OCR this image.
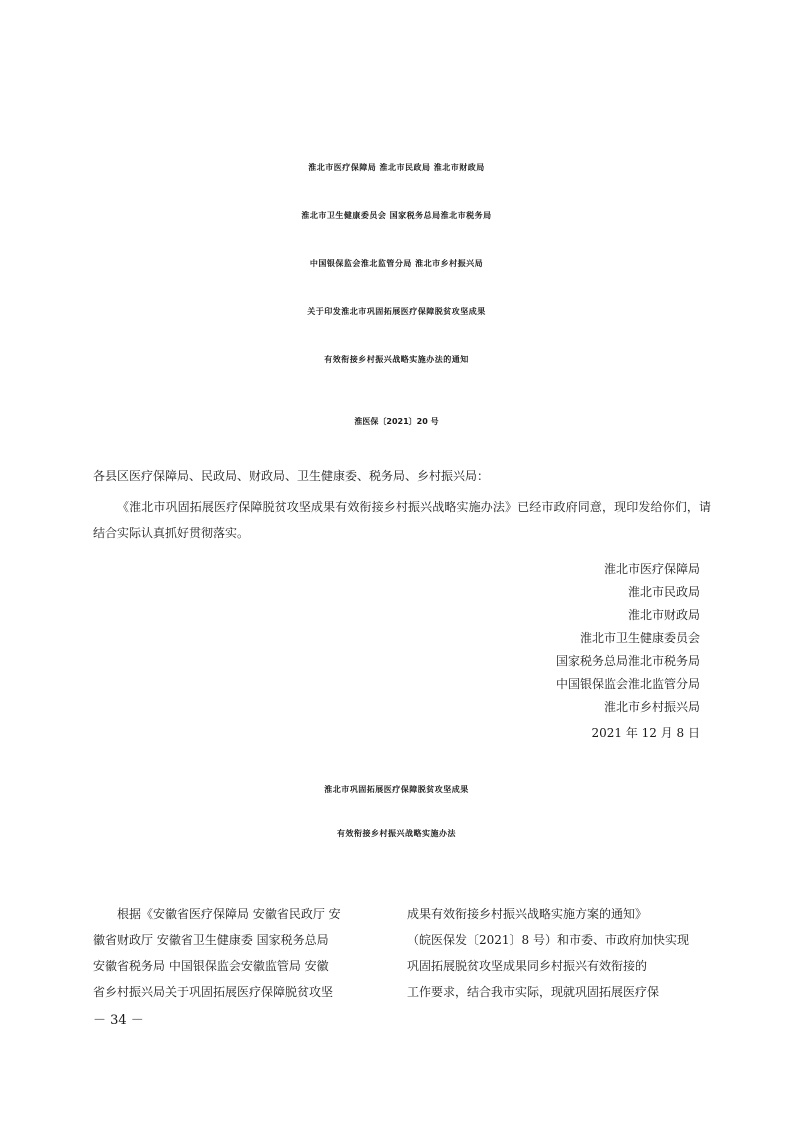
淮北市医疗保障局 淮北市民政局 淮北市财政局
淮北市卫生健康委员会 国家税务总局淮北市税务局
中国银保监会淮北监管分局 淮北市乡村振兴局
关于印发淮北市巩固拓展医疗保障脱贫攻坚成果
有效衔接乡村振兴战略实施办法的通知
淮医保〔2021〕20 号
各县区医疗保障局、民政局、财政局、卫生健康委、税务局、乡村振兴局：
《淮北市巩固拓展医疗保障脱贫攻坚成果有效衔接乡村振兴战略实施办法》已经市政府同意，现印发给你们，请结合实际认真抓好贯彻落实。
淮北市医疗保障局
淮北市民政局
淮北市财政局
淮北市卫生健康委员会
国家税务总局淮北市税务局
中国银保监会淮北监管分局
淮北市乡村振兴局
2021 年 12 月 8 日
淮北市巩固拓展医疗保障脱贫攻坚成果
有效衔接乡村振兴战略实施办法
　　根据《安徽省医疗保障局 安徽省民政厅 安
徽省财政厅 安徽省卫生健康委 国家税务总局
安徽省税务局 中国银保监会安徽监管局 安徽
省乡村振兴局关于巩固拓展医疗保障脱贫攻坚
成果有效衔接乡村振兴战略实施方案的通知》
（皖医保发〔2021〕8 号）和市委、市政府加快实现
巩固拓展脱贫攻坚成果同乡村振兴有效衔接的
工作要求，结合我市实际，现就巩固拓展医疗保
－ 34 －
